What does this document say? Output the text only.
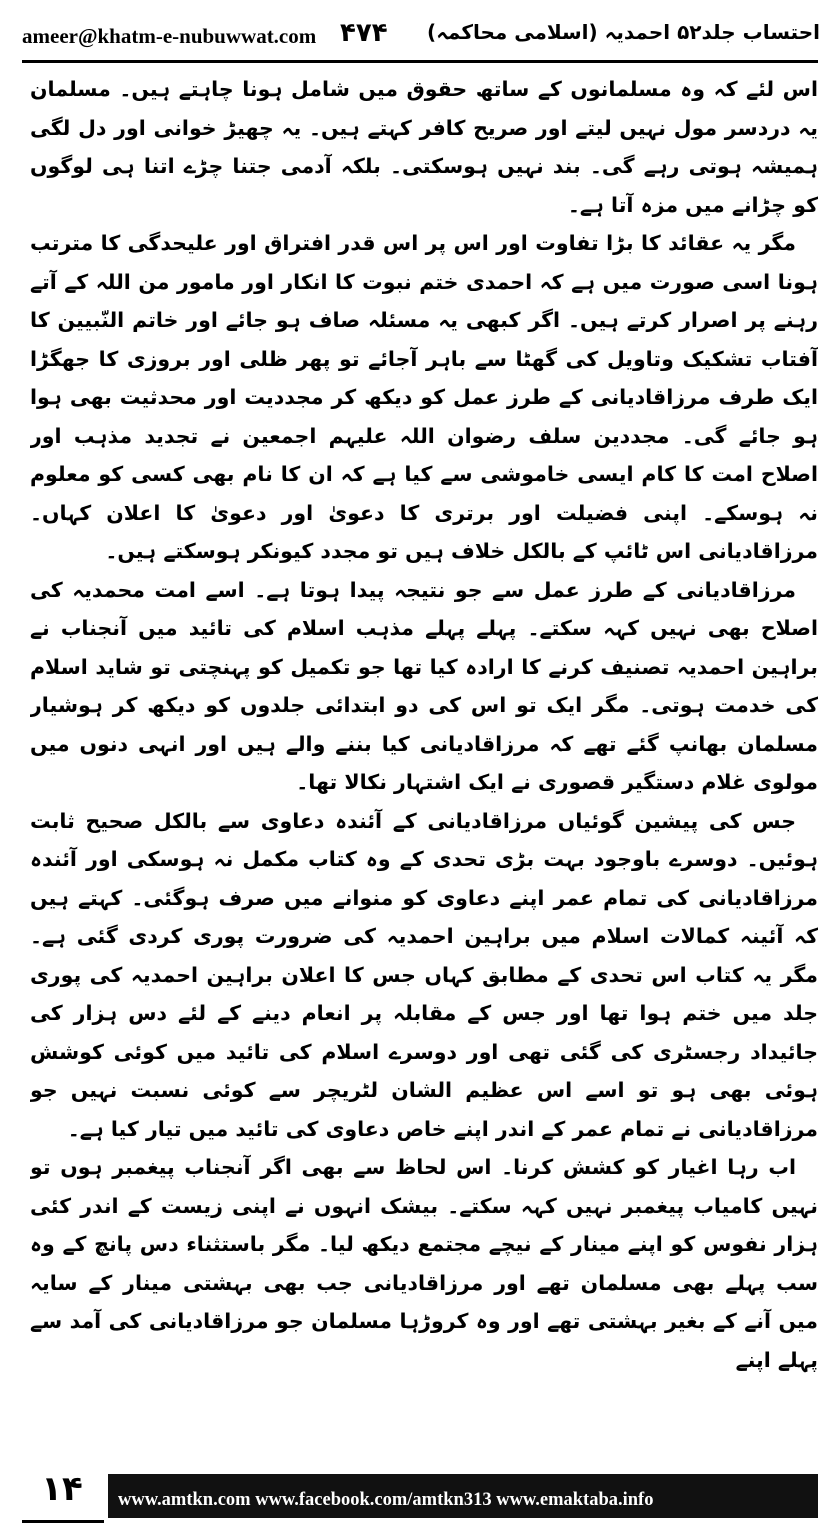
ameer@khatm-e-nubuwwat.com ۴۷۴ احتساب جلد۵۲ احمدیہ (اسلامی محاکمہ)

اس لئے کہ وہ مسلمانوں کے ساتھ حقوق میں شامل ہونا چاہتے ہیں۔ مسلمان یہ دردسر مول نہیں لیتے اور صریح کافر کہتے ہیں۔ یہ چھیڑ خوانی اور دل لگی ہمیشہ ہوتی رہے گی۔ بند نہیں ہوسکتی۔ بلکہ آدمی جتنا چڑے اتنا ہی لوگوں کو چڑانے میں مزہ آتا ہے۔

مگر یہ عقائد کا بڑا تفاوت اور اس پر اس قدر افتراق اور علیحدگی کا مترتب ہونا اسی صورت میں ہے کہ احمدی ختم نبوت کا انکار اور مامور من اللہ کے آتے رہنے پر اصرار کرتے ہیں۔ اگر کبھی یہ مسئلہ صاف ہو جائے اور خاتم النّبیین کا آفتاب تشکیک وتاویل کی گھٹا سے باہر آجائے تو پھر ظلی اور بروزی کا جھگڑا ایک طرف مرزاقادیانی کے طرز عمل کو دیکھ کر مجددیت اور محدثیت بھی ہوا ہو جائے گی۔ مجددین سلف رضوان اللہ علیہم اجمعین نے تجدید مذہب اور اصلاح امت کا کام ایسی خاموشی سے کیا ہے کہ ان کا نام بھی کسی کو معلوم نہ ہوسکے۔ اپنی فضیلت اور برتری کا دعویٰ اور دعویٰ کا اعلان کہاں۔ مرزاقادیانی اس ٹائپ کے بالکل خلاف ہیں تو مجدد کیونکر ہوسکتے ہیں۔

مرزاقادیانی کے طرز عمل سے جو نتیجہ پیدا ہوتا ہے۔ اسے امت محمدیہ کی اصلاح بھی نہیں کہہ سکتے۔ پہلے پہلے مذہب اسلام کی تائید میں آنجناب نے براہین احمدیہ تصنیف کرنے کا ارادہ کیا تھا جو تکمیل کو پہنچتی تو شاید اسلام کی خدمت ہوتی۔ مگر ایک تو اس کی دو ابتدائی جلدوں کو دیکھ کر ہوشیار مسلمان بھانپ گئے تھے کہ مرزاقادیانی کیا بننے والے ہیں اور انہی دنوں میں مولوی غلام دستگیر قصوری نے ایک اشتہار نکالا تھا۔

جس کی پیشین گوئیاں مرزاقادیانی کے آئندہ دعاوی سے بالکل صحیح ثابت ہوئیں۔ دوسرے باوجود بہت بڑی تحدی کے وہ کتاب مکمل نہ ہوسکی اور آئندہ مرزاقادیانی کی تمام عمر اپنے دعاوی کو منوانے میں صرف ہوگئی۔ کہتے ہیں کہ آئینہ کمالات اسلام میں براہین احمدیہ کی ضرورت پوری کردی گئی ہے۔ مگر یہ کتاب اس تحدی کے مطابق کہاں جس کا اعلان براہین احمدیہ کی پوری جلد میں ختم ہوا تھا اور جس کے مقابلہ پر انعام دینے کے لئے دس ہزار کی جائیداد رجسٹری کی گئی تھی اور دوسرے اسلام کی تائید میں کوئی کوشش ہوئی بھی ہو تو اسے اس عظیم الشان لٹریچر سے کوئی نسبت نہیں جو مرزاقادیانی نے تمام عمر کے اندر اپنے خاص دعاوی کی تائید میں تیار کیا ہے۔

اب رہا اغیار کو کشش کرنا۔ اس لحاظ سے بھی اگر آنجناب پیغمبر ہوں تو نہیں کامیاب پیغمبر نہیں کہہ سکتے۔ بیشک انہوں نے اپنی زیست کے اندر کئی ہزار نفوس کو اپنے مینار کے نیچے مجتمع دیکھ لیا۔ مگر باستثناء دس پانچ کے وہ سب پہلے بھی مسلمان تھے اور مرزاقادیانی جب بھی بہشتی مینار کے سایہ میں آنے کے بغیر بہشتی تھے اور وہ کروڑہا مسلمان جو مرزاقادیانی کی آمد سے پہلے اپنے

۱۴	www.amtkn.com www.facebook.com/amtkn313 www.emaktaba.info
